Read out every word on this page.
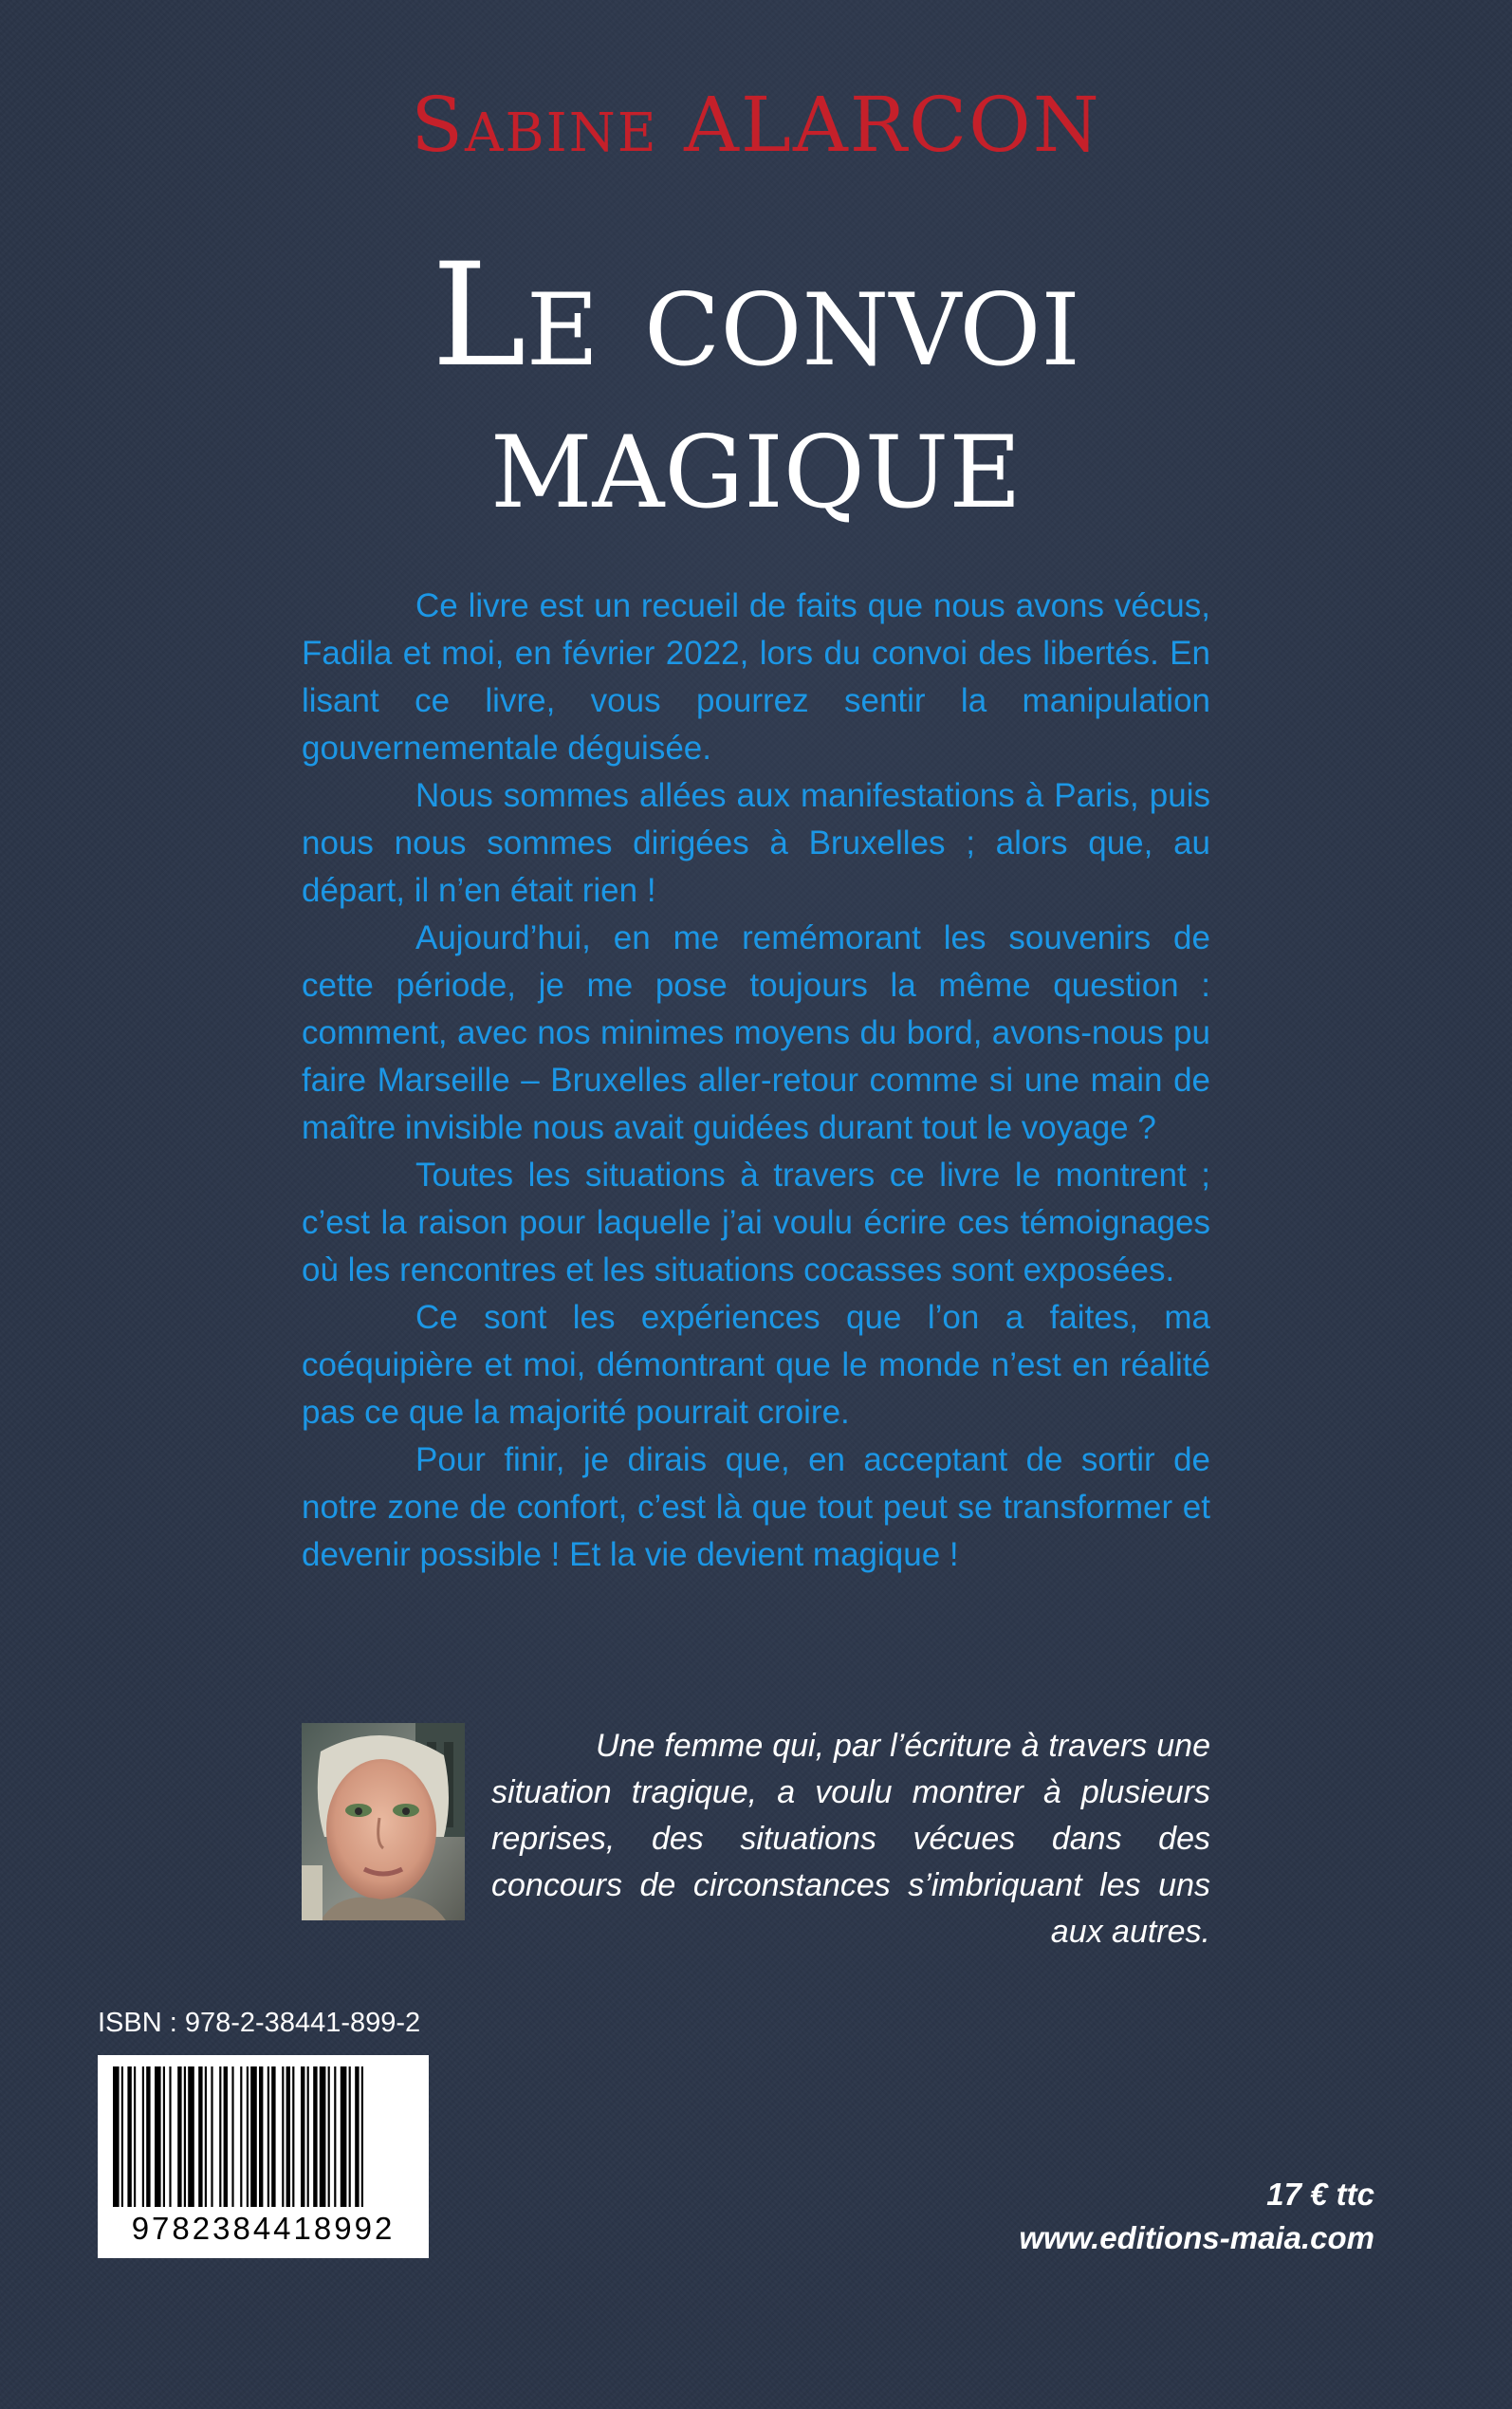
Sabine ALARCON
Le convoi
magique

Ce livre est un recueil de faits que nous avons vécus, Fadila et moi, en février 2022, lors du convoi des libertés. En lisant ce livre, vous pourrez sentir la manipulation gouvernementale déguisée.

Nous sommes allées aux manifestations à Paris, puis nous nous sommes dirigées à Bruxelles ; alors que, au départ, il n’en était rien !

Aujourd’hui, en me remémorant les souvenirs de cette période, je me pose toujours la même question : comment, avec nos minimes moyens du bord, avons-nous pu faire Marseille – Bruxelles aller-retour comme si une main de maître invisible nous avait guidées durant tout le voyage ?

Toutes les situations à travers ce livre le montrent ; c’est la raison pour laquelle j’ai voulu écrire ces témoignages où les rencontres et les situations cocasses sont exposées.

Ce sont les expériences que l’on a faites, ma coéquipière et moi, démontrant que le monde n’est en réalité pas ce que la majorité pourrait croire.

Pour finir, je dirais que, en acceptant de sortir de notre zone de confort, c’est là que tout peut se transformer et devenir possible ! Et la vie devient magique !

Une femme qui, par l’écriture à travers une situation tragique, a voulu montrer à plusieurs reprises, des situations vécues dans des concours de circonstances s’imbriquant les uns aux autres.
ISBN : 978-2-38441-899-2
9782384418992
17 € ttc
www.editions-maia.com
